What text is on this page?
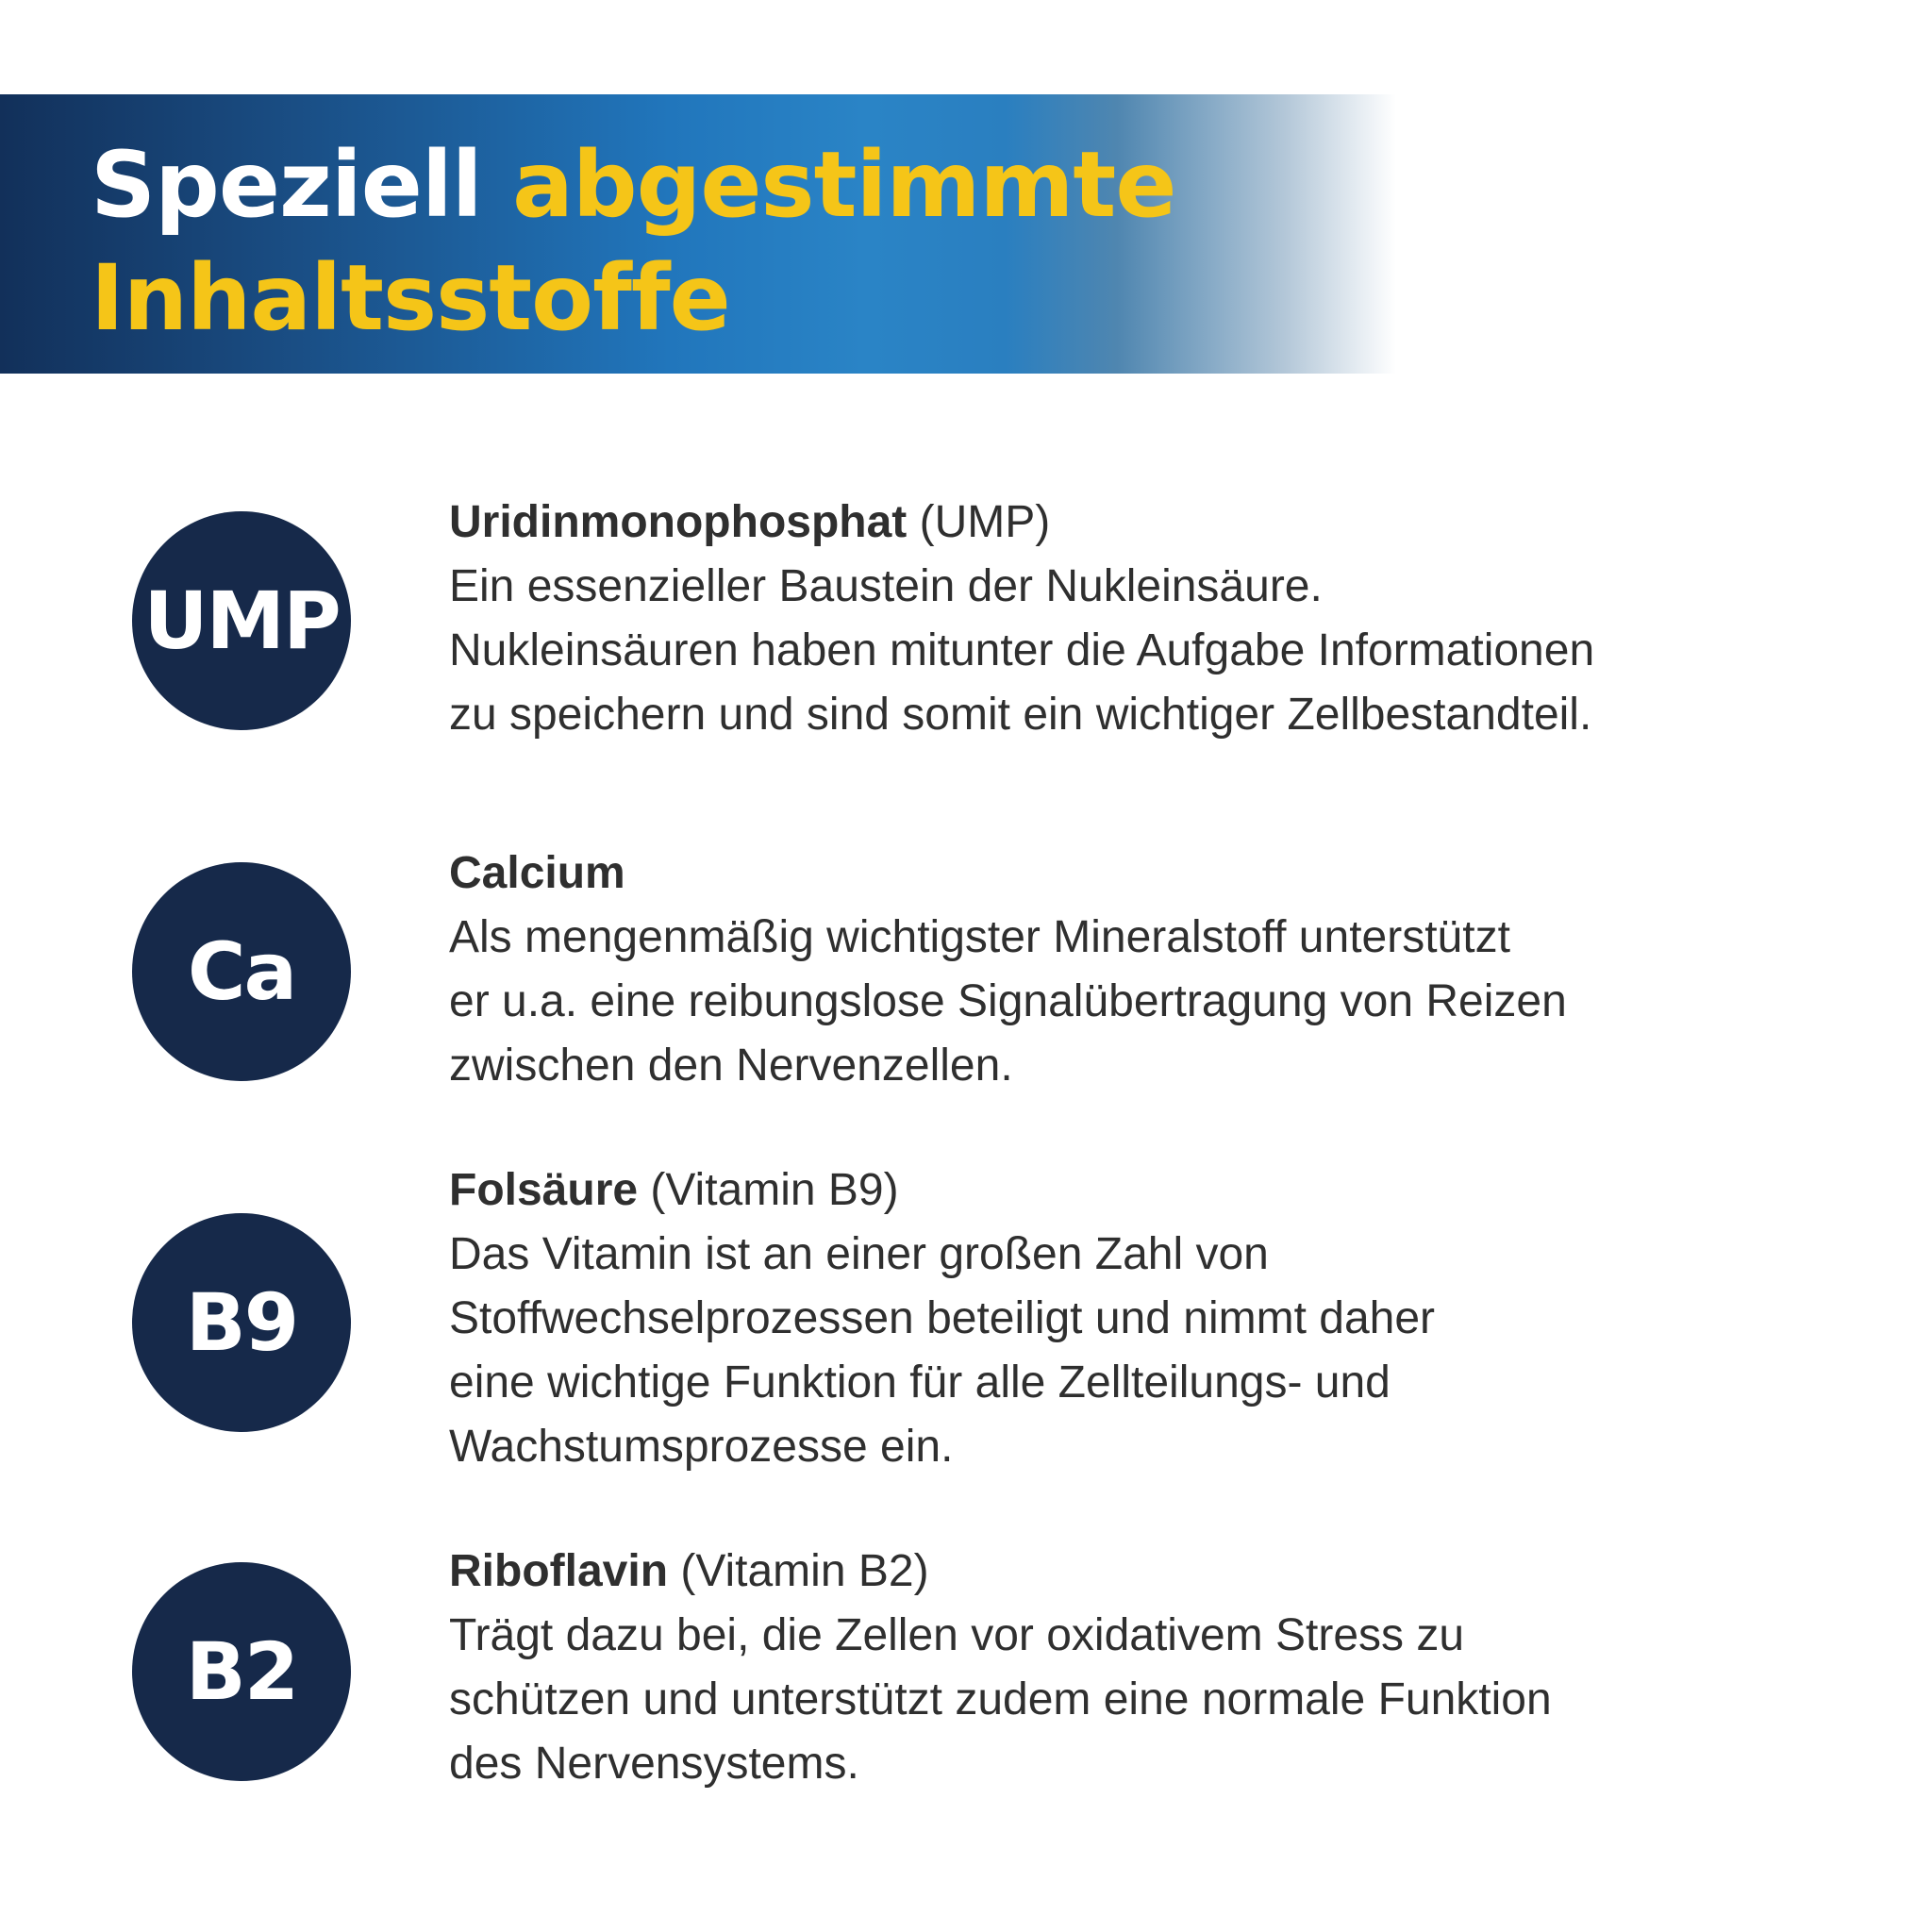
Speziell abgestimmte
Inhaltsstoffe
UMP
Uridinmonophosphat (UMP)
Ein essenzieller Baustein der Nukleinsäure.
Nukleinsäuren haben mitunter die Aufgabe Informationen
zu speichern und sind somit ein wichtiger Zellbestandteil.
Ca
Calcium
Als mengenmäßig wichtigster Mineralstoff unterstützt
er u.a. eine reibungslose Signalübertragung von Reizen
zwischen den Nervenzellen.
B9
Folsäure (Vitamin B9)
Das Vitamin ist an einer großen Zahl von
Stoffwechselprozessen beteiligt und nimmt daher
eine wichtige Funktion für alle Zellteilungs- und
Wachstumsprozesse ein.
B2
Riboflavin (Vitamin B2)
Trägt dazu bei, die Zellen vor oxidativem Stress zu
schützen und unterstützt zudem eine normale Funktion
des Nervensystems.
